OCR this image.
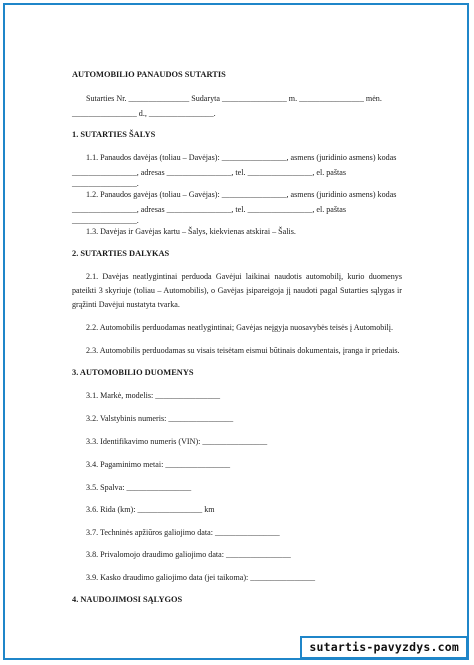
AUTOMOBILIO PANAUDOS SUTARTIS
Sutarties Nr. _______________ Sudaryta ________________ m. ________________ mėn.
________________ d., ________________.
1. SUTARTIES ŠALYS
1.1. Panaudos davėjas (toliau – Davėjas): ________________, asmens (juridinio asmens) kodas
________________, adresas ________________, tel. ________________, el. paštas ________________.
1.2. Panaudos gavėjas (toliau – Gavėjas): ________________, asmens (juridinio asmens) kodas
________________, adresas ________________, tel. ________________, el. paštas ________________.
1.3. Davėjas ir Gavėjas kartu – Šalys, kiekvienas atskirai – Šalis.
2. SUTARTIES DALYKAS
2.1. Davėjas neatlygintinai perduoda Gavėjui laikinai naudotis automobilį, kurio duomenys pateikti 3 skyriuje (toliau – Automobilis), o Gavėjas įsipareigoja jį naudoti pagal Sutarties sąlygas ir grąžinti Davėjui nustatyta tvarka.
2.2. Automobilis perduodamas neatlygintinai; Gavėjas neįgyja nuosavybės teisės į Automobilį.
2.3. Automobilis perduodamas su visais teisėtam eismui būtinais dokumentais, įranga ir priedais.
3. AUTOMOBILIO DUOMENYS
3.1. Markė, modelis: ________________
3.2. Valstybinis numeris: ________________
3.3. Identifikavimo numeris (VIN): ________________
3.4. Pagaminimo metai: ________________
3.5. Spalva: ________________
3.6. Rida (km): ________________ km
3.7. Techninės apžiūros galiojimo data: ________________
3.8. Privalomojo draudimo galiojimo data: ________________
3.9. Kasko draudimo galiojimo data (jei taikoma): ________________
4. NAUDOJIMOSI SĄLYGOS
sutartis-pavyzdys.com
